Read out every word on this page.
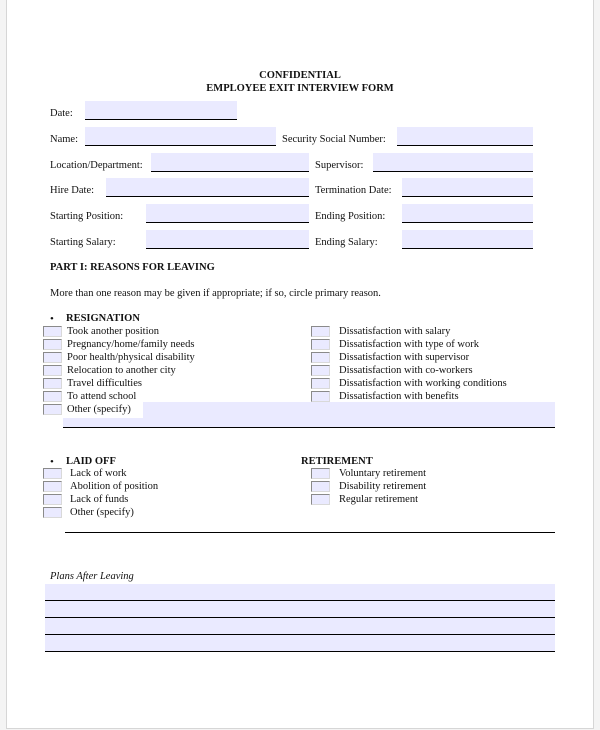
CONFIDENTIAL
EMPLOYEE EXIT INTERVIEW FORM
Date:
Name:	Security Social Number:
Location/Department:	Supervisor:
Hire Date:	Termination Date:
Starting Position:	Ending Position:
Starting Salary:	Ending Salary:
PART I: REASONS FOR LEAVING
More than one reason may be given if appropriate; if so, circle primary reason.
• RESIGNATION
Took another position
Pregnancy/home/family needs
Poor health/physical disability
Relocation to another city
Travel difficulties
To attend school
Other (specify)
Dissatisfaction with salary
Dissatisfaction with type of work
Dissatisfaction with supervisor
Dissatisfaction with co-workers
Dissatisfaction with working conditions
Dissatisfaction with benefits
• LAID OFF
Lack of work
Abolition of position
Lack of funds
Other (specify)
RETIREMENT
Voluntary retirement
Disability retirement
Regular retirement
Plans After Leaving
